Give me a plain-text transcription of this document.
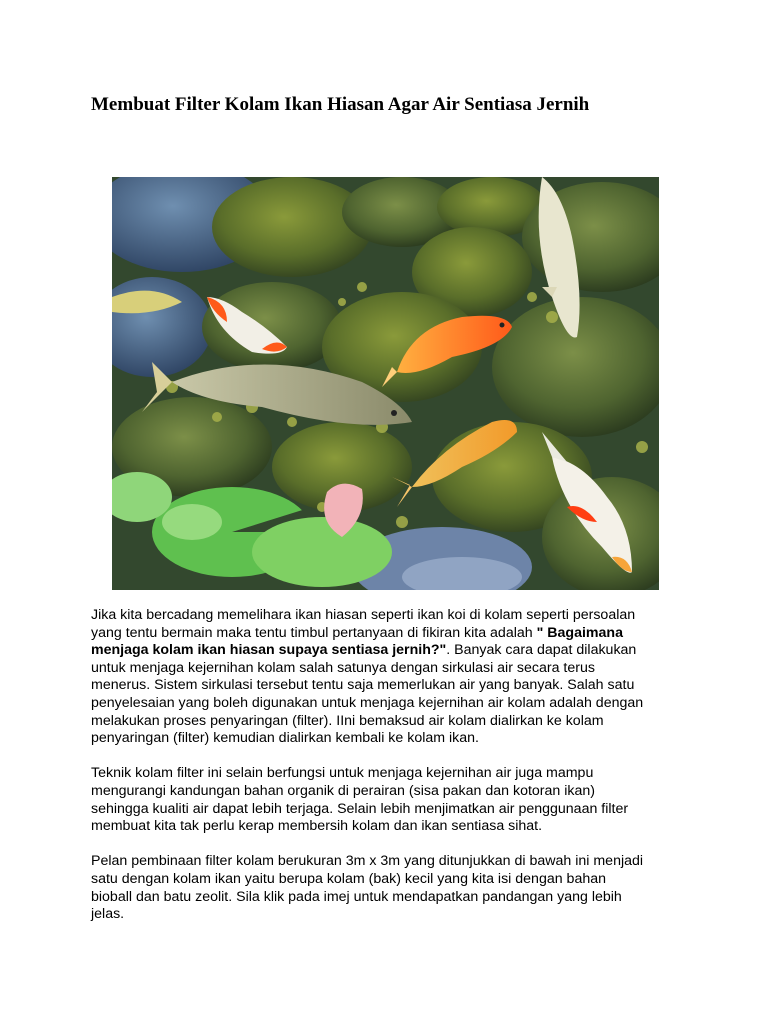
Membuat Filter Kolam Ikan Hiasan Agar Air Sentiasa Jernih

Jika kita bercadang memelihara ikan hiasan seperti ikan koi di kolam seperti persoalan
yang tentu bermain maka tentu timbul pertanyaan di fikiran kita adalah " Bagaimana
menjaga kolam ikan hiasan supaya sentiasa jernih?". Banyak cara dapat dilakukan
untuk menjaga kejernihan kolam salah satunya dengan sirkulasi air secara terus
menerus. Sistem sirkulasi tersebut tentu saja memerlukan air yang banyak. Salah satu
penyelesaian yang boleh digunakan untuk menjaga kejernihan air kolam adalah dengan
melakukan proses penyaringan (filter). IIni bemaksud air kolam dialirkan ke kolam
penyaringan (filter) kemudian dialirkan kembali ke kolam ikan.

Teknik kolam filter ini selain berfungsi untuk menjaga kejernihan air juga mampu
mengurangi kandungan bahan organik di perairan (sisa pakan dan kotoran ikan)
sehingga kualiti air dapat lebih terjaga. Selain lebih menjimatkan air penggunaan filter
membuat kita tak perlu kerap membersih kolam dan ikan sentiasa sihat.

Pelan pembinaan filter kolam berukuran 3m x 3m yang ditunjukkan di bawah ini menjadi
satu dengan kolam ikan yaitu berupa kolam (bak) kecil yang kita isi dengan bahan
bioball dan batu zeolit. Sila klik pada imej untuk mendapatkan pandangan yang lebih
jelas.
